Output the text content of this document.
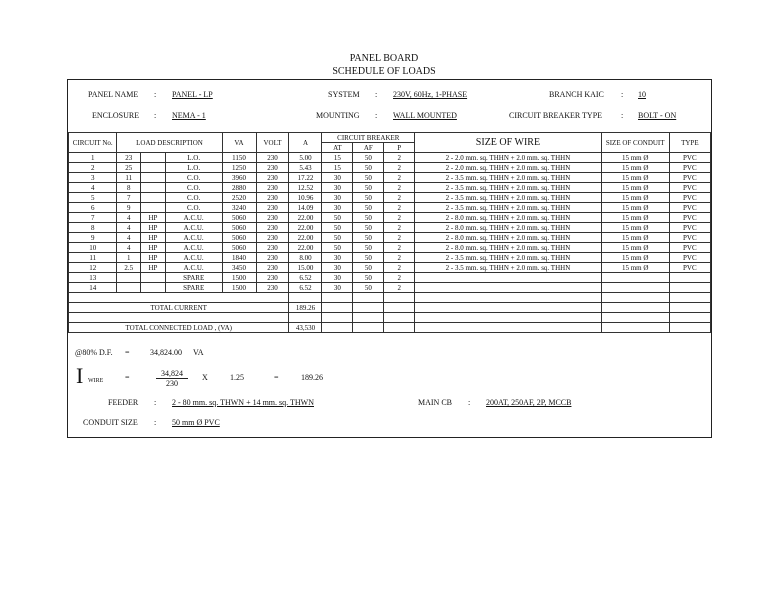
PANEL BOARD
SCHEDULE OF LOADS
PANEL NAME : PANEL - LP	SYSTEM : 230V, 60Hz, 1-PHASE	BRANCH KAIC : 10
ENCLOSURE : NEMA - 1	MOUNTING : WALL MOUNTED	CIRCUIT BREAKER TYPE : BOLT - ON
CIRCUIT No.	LOAD DESCRIPTION			VA	VOLT	A	CIRCUIT BREAKER			SIZE OF WIRE	SIZE OF CONDUIT	TYPE
							AT	AF	P			
1	23		L.O.	1150	230	5.00	15	50	2	2 - 2.0 mm. sq. THHN + 2.0 mm. sq. THHN	15 mm Ø	PVC
2	25		L.O.	1250	230	5.43	15	50	2	2 - 2.0 mm. sq. THHN + 2.0 mm. sq. THHN	15 mm Ø	PVC
3	11		C.O.	3960	230	17.22	30	50	2	2 - 3.5 mm. sq. THHN + 2.0 mm. sq. THHN	15 mm Ø	PVC
4	8		C.O.	2880	230	12.52	30	50	2	2 - 3.5 mm. sq. THHN + 2.0 mm. sq. THHN	15 mm Ø	PVC
5	7		C.O.	2520	230	10.96	30	50	2	2 - 3.5 mm. sq. THHN + 2.0 mm. sq. THHN	15 mm Ø	PVC
6	9		C.O.	3240	230	14.09	30	50	2	2 - 3.5 mm. sq. THHN + 2.0 mm. sq. THHN	15 mm Ø	PVC
7	4	HP	A.C.U.	5060	230	22.00	50	50	2	2 - 8.0 mm. sq. THHN + 2.0 mm. sq. THHN	15 mm Ø	PVC
8	4	HP	A.C.U.	5060	230	22.00	50	50	2	2 - 8.0 mm. sq. THHN + 2.0 mm. sq. THHN	15 mm Ø	PVC
9	4	HP	A.C.U.	5060	230	22.00	50	50	2	2 - 8.0 mm. sq. THHN + 2.0 mm. sq. THHN	15 mm Ø	PVC
10	4	HP	A.C.U.	5060	230	22.00	50	50	2	2 - 8.0 mm. sq. THHN + 2.0 mm. sq. THHN	15 mm Ø	PVC
11	1	HP	A.C.U.	1840	230	8.00	30	50	2	2 - 3.5 mm. sq. THHN + 2.0 mm. sq. THHN	15 mm Ø	PVC
12	2.5	HP	A.C.U.	3450	230	15.00	30	50	2	2 - 3.5 mm. sq. THHN + 2.0 mm. sq. THHN	15 mm Ø	PVC
13			SPARE	1500	230	6.52	30	50	2			
14			SPARE	1500	230	6.52	30	50	2			

TOTAL CURRENT						189.26						

TOTAL CONNECTED LOAD , (VA)						43,530						
@80% D.F. =	34,824.00 VA
I WIRE	=	$\frac{34,824}{230}$ X	1.25	=	189.26
FEEDER : 2 - 80 mm. sq. THWN + 14 mm. sq. THWN	MAIN CB : 200AT, 250AF, 2P, MCCB
CONDUIT SIZE : 50 mm Ø PVC
